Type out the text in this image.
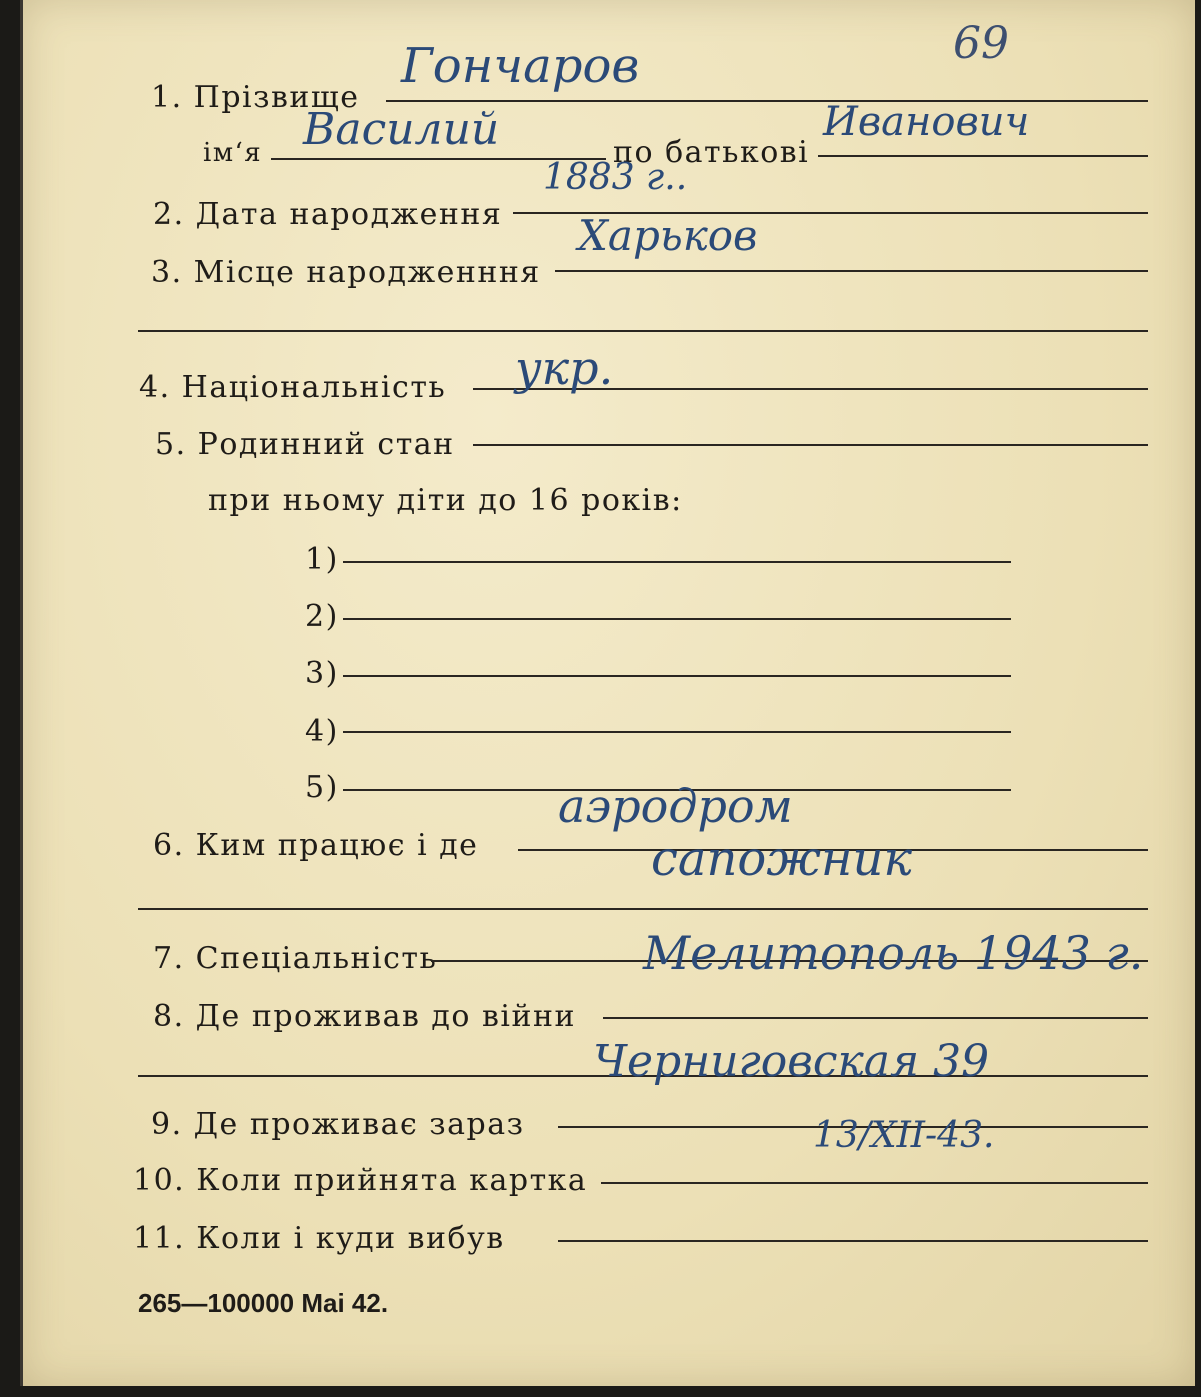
1. Прізвище
ім‘я	по батькові
2. Дата народження
3. Місце народженння
4. Національність
5. Родинний стан
при ньому діти до 16 років:
1)
2)
3)
4)
5)
6. Ким працює і де
7. Спеціальність
8. Де проживав до війни
9. Де проживає зараз
10. Коли прийнята картка
11. Коли і куди вибув
69
Гончаров
Василий	Иванович
1883 г..
Харьков
укр.
аэродром
сапожник
Мелитополь 1943 г.
Черниговская 39
13/XII-43.
265—100000 Mai 42.
